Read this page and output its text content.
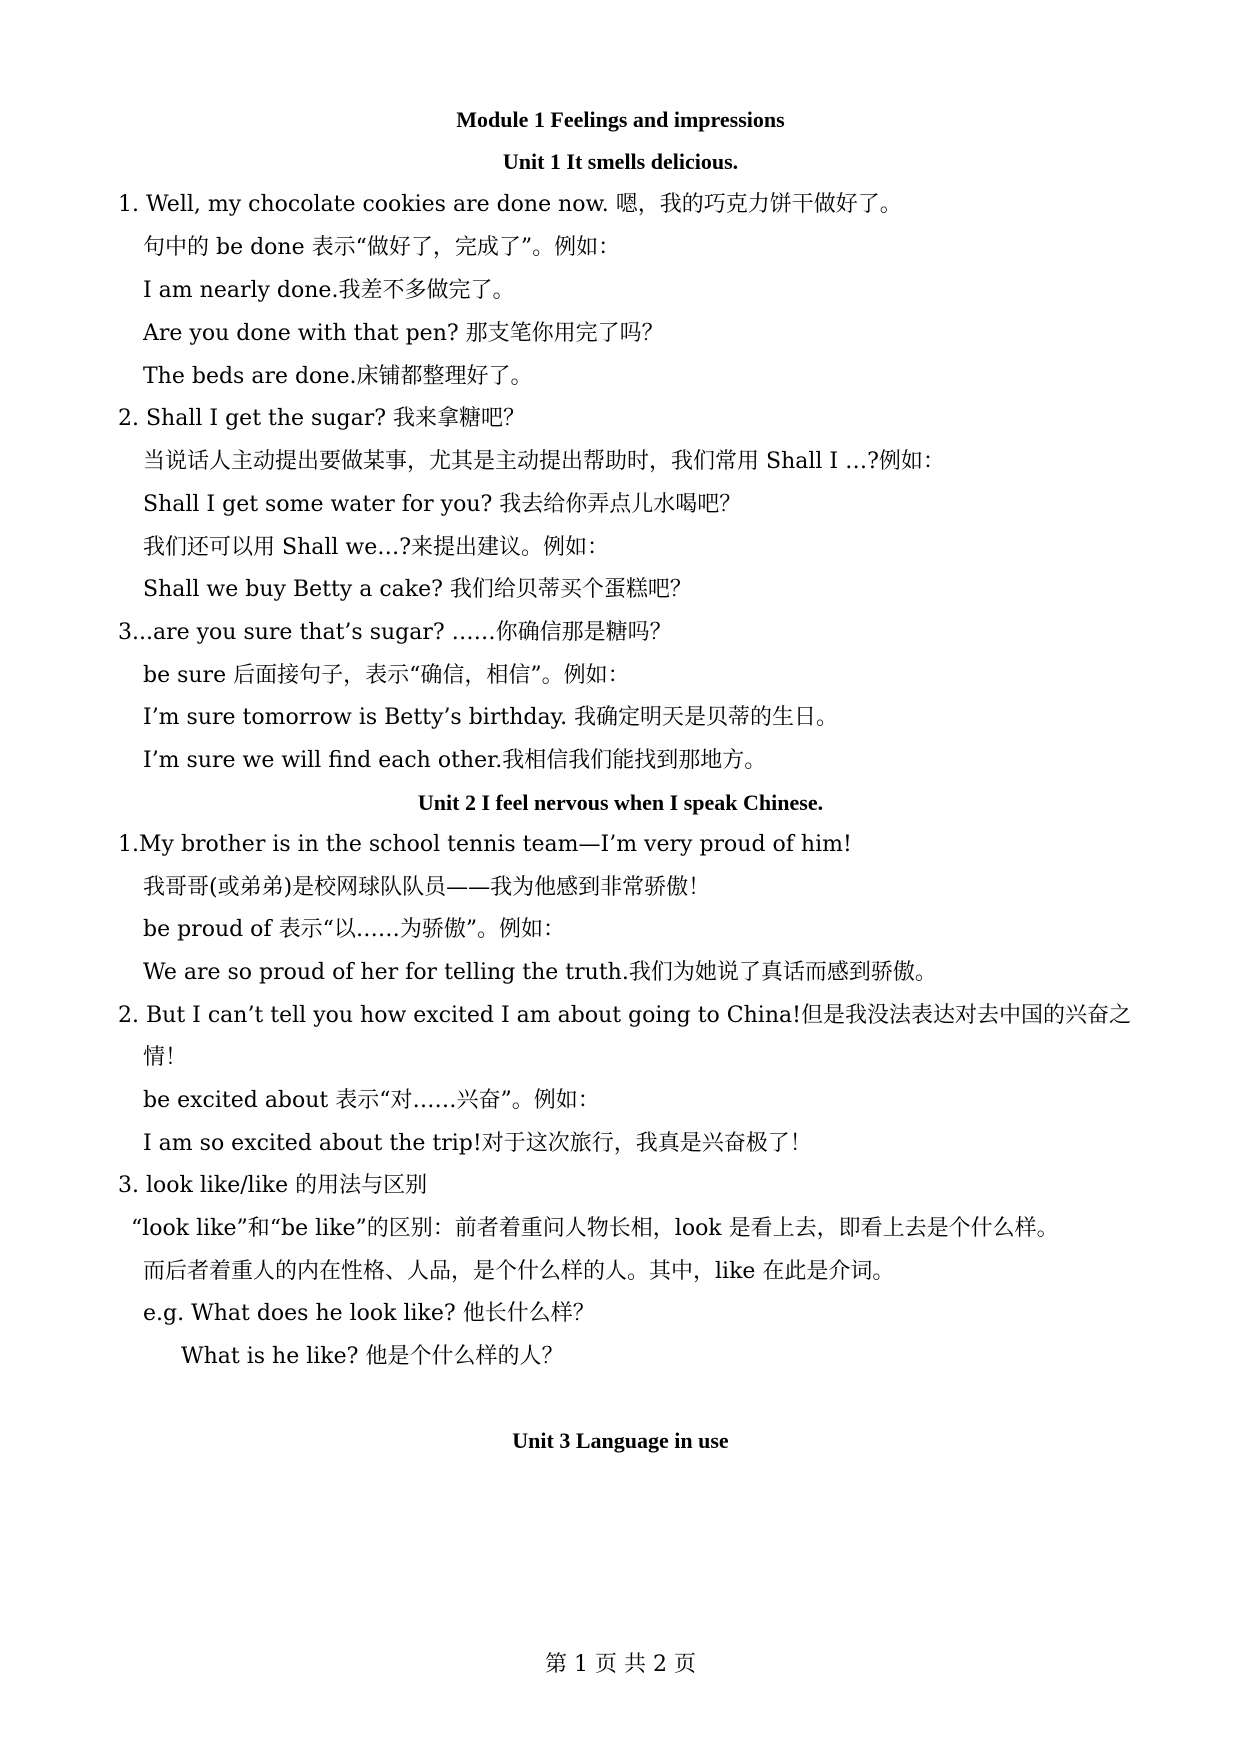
Module 1 Feelings and impressions
Unit 1 It smells delicious.
1. Well, my chocolate cookies are done now. 嗯，我的巧克力饼干做好了。
句中的 be done 表示“做好了，完成了”。例如：
I am nearly done.我差不多做完了。
Are you done with that pen? 那支笔你用完了吗？
The beds are done.床铺都整理好了。
2. Shall I get the sugar? 我来拿糖吧？
当说话人主动提出要做某事，尤其是主动提出帮助时，我们常用 Shall I …?例如：
Shall I get some water for you? 我去给你弄点儿水喝吧？
我们还可以用 Shall we…?来提出建议。例如：
Shall we buy Betty a cake? 我们给贝蒂买个蛋糕吧？
3...are you sure that’s sugar? ……你确信那是糖吗？
be sure 后面接句子，表示“确信，相信”。例如：
I’m sure tomorrow is Betty’s birthday. 我确定明天是贝蒂的生日。
I’m sure we will find each other.我相信我们能找到那地方。
Unit 2 I feel nervous when I speak Chinese.
1.My brother is in the school tennis team—I’m very proud of him!
我哥哥(或弟弟)是校网球队队员——我为他感到非常骄傲！
be proud of 表示“以……为骄傲”。例如：
We are so proud of her for telling the truth.我们为她说了真话而感到骄傲。
2. But I can’t tell you how excited I am about going to China!但是我没法表达对去中国的兴奋之
情！
be excited about 表示“对……兴奋”。例如：
I am so excited about the trip!对于这次旅行，我真是兴奋极了！
3. look like/like 的用法与区别
“look like”和“be like”的区别：前者着重问人物长相，look 是看上去，即看上去是个什么样。
而后者着重人的内在性格、人品，是个什么样的人。其中，like 在此是介词。
e.g. What does he look like? 他长什么样？
What is he like? 他是个什么样的人？
Unit 3 Language in use
第 1 页 共 2 页
